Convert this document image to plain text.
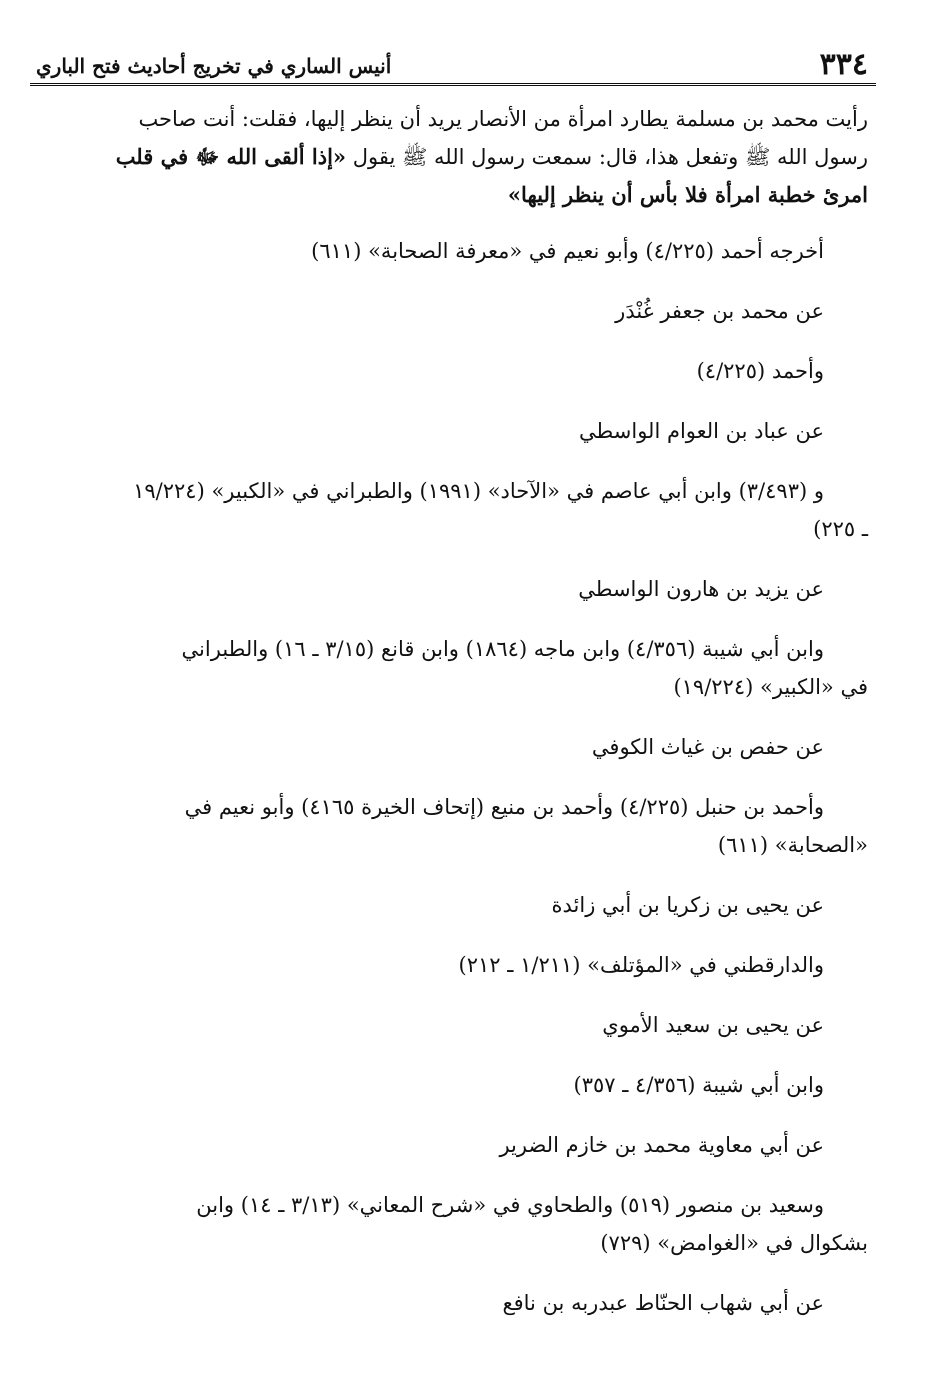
٣٣٤
أنيس الساري في تخريج أحاديث فتح الباري

رأيت محمد بن مسلمة يطارد امرأة من الأنصار يريد أن ينظر إليها، فقلت: أنت صاحب
رسول الله ﷺ وتفعل هذا، قال: سمعت رسول الله ﷺ يقول «إذا ألقى الله ﷻ في قلب
امرئ خطبة امرأة فلا بأس أن ينظر إليها»

أخرجه أحمد (٤/٢٢٥) وأبو نعيم في «معرفة الصحابة» (٦١١)
عن محمد بن جعفر غُنْدَر
وأحمد (٤/٢٢٥)
عن عباد بن العوام الواسطي
و (٣/٤٩٣) وابن أبي عاصم في «الآحاد» (١٩٩١) والطبراني في «الكبير» (١٩/٢٢٤
ـ ٢٢٥)
عن يزيد بن هارون الواسطي
وابن أبي شيبة (٤/٣٥٦) وابن ماجه (١٨٦٤) وابن قانع (٣/١٥ ـ ١٦) والطبراني
في «الكبير» (١٩/٢٢٤)
عن حفص بن غياث الكوفي
وأحمد بن حنبل (٤/٢٢٥) وأحمد بن منيع (إتحاف الخيرة ٤١٦٥) وأبو نعيم في
«الصحابة» (٦١١)
عن يحيى بن زكريا بن أبي زائدة
والدارقطني في «المؤتلف» (١/٢١١ ـ ٢١٢)
عن يحيى بن سعيد الأموي
وابن أبي شيبة (٤/٣٥٦ ـ ٣٥٧)
عن أبي معاوية محمد بن خازم الضرير
وسعيد بن منصور (٥١٩) والطحاوي في «شرح المعاني» (٣/١٣ ـ ١٤) وابن
بشكوال في «الغوامض» (٧٢٩)
عن أبي شهاب الحنّاط عبدربه بن نافع
